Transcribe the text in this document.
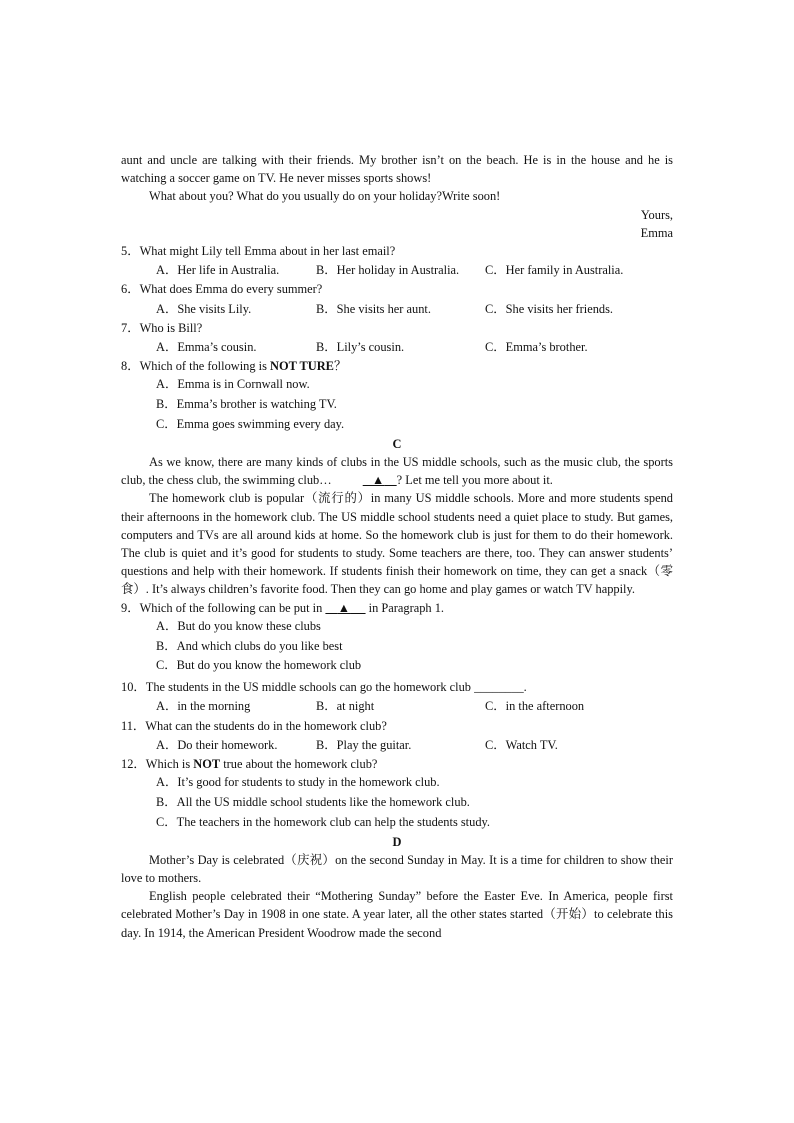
aunt and uncle are talking with their friends. My brother isn’t on the beach. He is in the house and he is watching a soccer game on TV. He never misses sports shows!

What about you? What do you usually do on your holiday?Write soon!

Yours,

Emma

5．What might Lily tell Emma about in her last email?

A．Her life in Australia.	B．Her holiday in Australia.	C．Her family in Australia.

6．What does Emma do every summer?

A．She visits Lily.	B．She visits her aunt.	C．She visits her friends.

7．Who is Bill?

A．Emma’s cousin.	B．Lily’s cousin.	C．Emma’s brother.

8．Which of the following is NOT TURE？

A．Emma is in Cornwall now.
B．Emma’s brother is watching TV.
C．Emma goes swimming every day.

C

As we know, there are many kinds of clubs in the US middle schools, such as the music club, the sports club, the chess club, the swimming club…	▲ ? Let me tell you more about it.

The homework club is popular（流行的）in many US middle schools. More and more students spend their afternoons in the homework club. The US middle school students need a quiet place to study. But games, computers and TVs are all around kids at home. So the homework club is just for them to do their homework. The club is quiet and it’s good for students to study. Some teachers are there, too. They can answer students’ questions and help with their homework. If students finish their homework on time, they can get a snack（零食）. It’s always children’s favorite food. Then they can go home and play games or watch TV happily.

9．Which of the following can be put in     ▲      in Paragraph 1.

A．But do you know these clubs
B．And which clubs do you like best
C．But do you know the homework club

10．The students in the US middle schools can go the homework club ________.

A．in the morning	B．at night	C．in the afternoon

11．What can the students do in the homework club?

A．Do their homework.	B．Play the guitar.	C．Watch TV.

12．Which is NOT true about the homework club?

A．It’s good for students to study in the homework club.
B．All the US middle school students like the homework club.
C．The teachers in the homework club can help the students study.

D

Mother’s Day is celebrated（庆祝）on the second Sunday in May. It is a time for children to show their love to mothers.

English people celebrated their “Mothering Sunday” before the Easter Eve. In America, people first celebrated Mother’s Day in 1908 in one state. A year later, all the other states started（开始）to celebrate this day. In 1914, the American President Woodrow made the second
